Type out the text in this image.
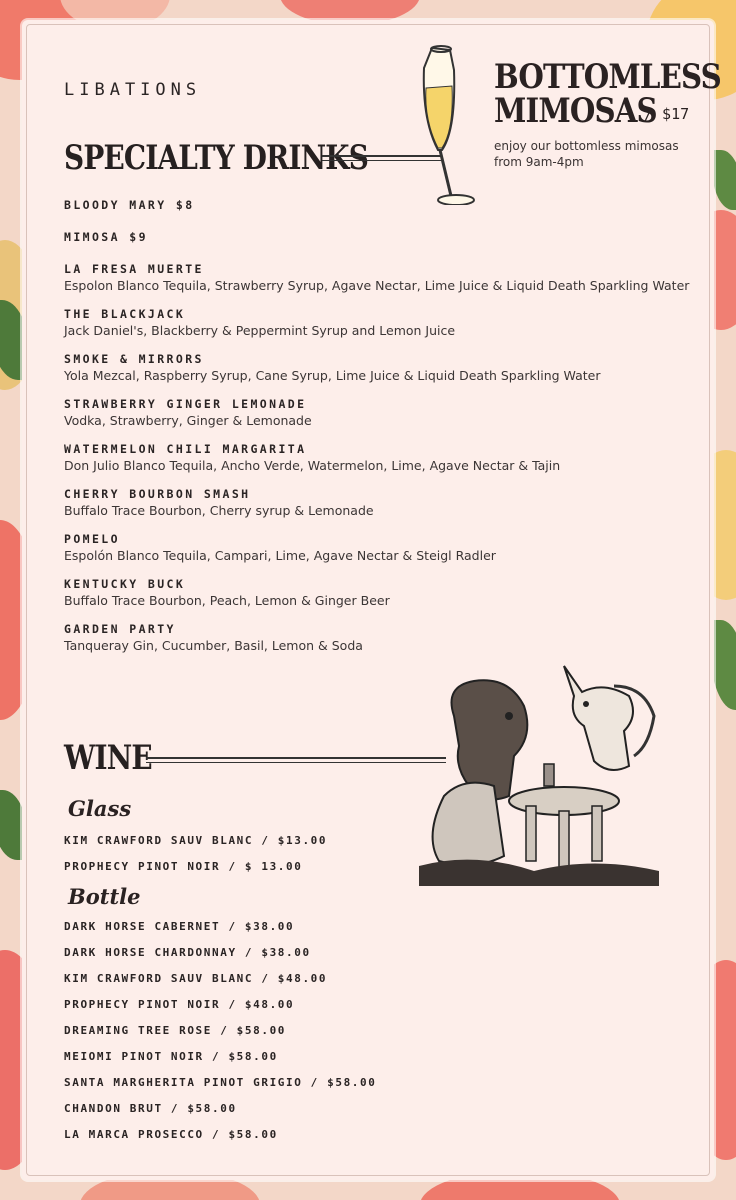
LIBATIONS	BOTTOMLESS
MIMOSAS
/ $17
enjoy our bottomless mimosas from 9am-4pm
SPECIALTY DRINKS
BLOODY MARY $8
MIMOSA $9
LA FRESA MUERTE
Espolon Blanco Tequila, Strawberry Syrup, Agave Nectar, Lime Juice & Liquid Death Sparkling Water
THE BLACKJACK
Jack Daniel's, Blackberry & Peppermint Syrup and Lemon Juice
SMOKE & MIRRORS
Yola Mezcal, Raspberry Syrup, Cane Syrup, Lime Juice & Liquid Death Sparkling Water
STRAWBERRY GINGER LEMONADE
Vodka, Strawberry, Ginger & Lemonade
WATERMELON CHILI MARGARITA
Don Julio Blanco Tequila, Ancho Verde, Watermelon, Lime, Agave Nectar & Tajin
CHERRY BOURBON SMASH
Buffalo Trace Bourbon, Cherry syrup & Lemonade
POMELO
Espolón Blanco Tequila, Campari, Lime, Agave Nectar & Steigl Radler
KENTUCKY BUCK
Buffalo Trace Bourbon, Peach, Lemon & Ginger Beer
GARDEN PARTY
Tanqueray Gin, Cucumber, Basil, Lemon & Soda
WINE
Glass
KIM CRAWFORD SAUV BLANC / $13.00
PROPHECY PINOT NOIR / $ 13.00
Bottle
DARK HORSE CABERNET / $38.00
DARK HORSE CHARDONNAY / $38.00
KIM CRAWFORD SAUV BLANC / $48.00
PROPHECY PINOT NOIR / $48.00
DREAMING TREE ROSE / $58.00
MEIOMI PINOT NOIR / $58.00
SANTA MARGHERITA PINOT GRIGIO / $58.00
CHANDON BRUT / $58.00
LA MARCA PROSECCO / $58.00
